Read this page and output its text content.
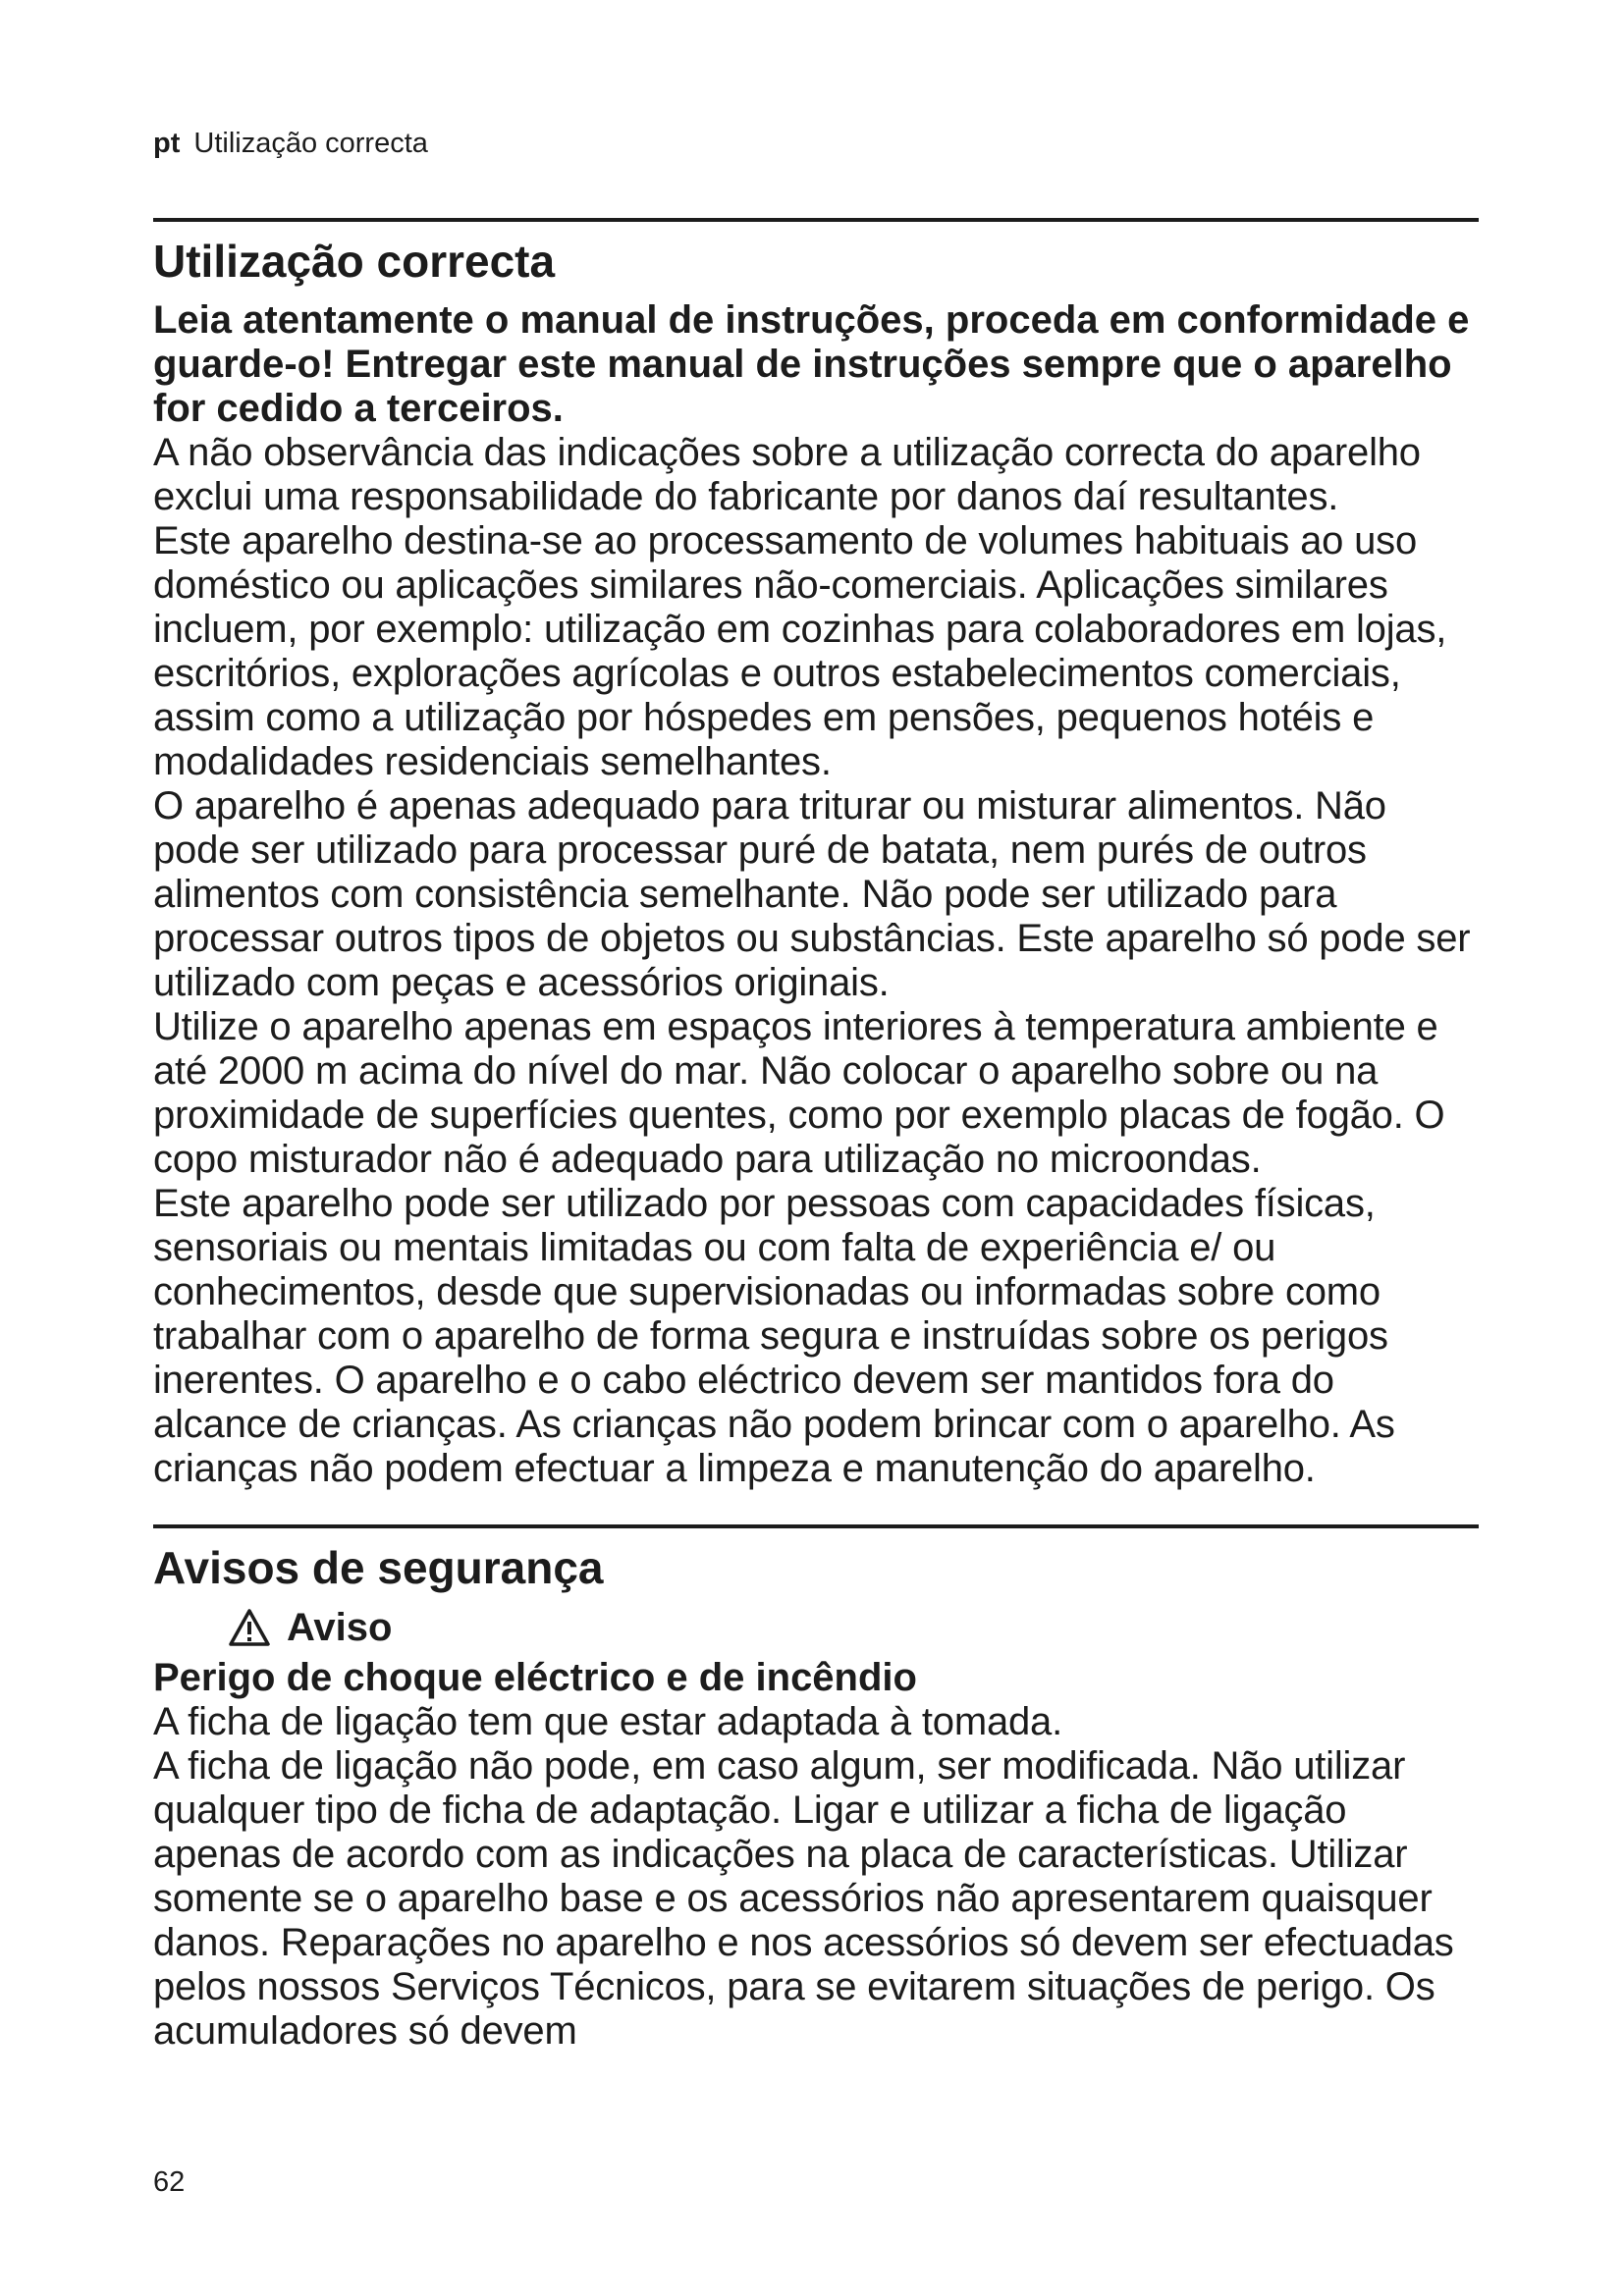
pt Utilização correcta
Utilização correcta

Leia atentamente o manual de instruções, proceda em conformidade e guarde-o! Entregar este manual de instruções sempre que o aparelho for cedido a terceiros.

A não observância das indicações sobre a utilização correcta do aparelho exclui uma responsabilidade do fabricante por danos daí resultantes.

Este aparelho destina-se ao processamento de volumes habituais ao uso doméstico ou aplicações similares não-comerciais. Aplicações similares incluem, por exemplo: utilização em cozinhas para colaboradores em lojas, escritórios, explorações agrícolas e outros estabelecimentos comerciais, assim como a utilização por hóspedes em pensões, pequenos hotéis e modalidades residenciais semelhantes.

O aparelho é apenas adequado para triturar ou misturar alimentos. Não pode ser utilizado para processar puré de batata, nem purés de outros alimentos com consistência semelhante. Não pode ser utilizado para processar outros tipos de objetos ou substâncias. Este aparelho só pode ser utilizado com peças e acessórios originais.

Utilize o aparelho apenas em espaços interiores à temperatura ambiente e até 2000 m acima do nível do mar. Não colocar o aparelho sobre ou na proximidade de superfícies quentes, como por exemplo placas de fogão. O copo misturador não é adequado para utilização no microondas.

Este aparelho pode ser utilizado por pessoas com capacidades físicas, sensoriais ou mentais limitadas ou com falta de experiência e/ ou conhecimentos, desde que supervisionadas ou informadas sobre como trabalhar com o aparelho de forma segura e instruídas sobre os perigos inerentes. O aparelho e o cabo eléctrico devem ser mantidos fora do alcance de crianças. As crianças não podem brincar com o aparelho. As crianças não podem efectuar a limpeza e manutenção do aparelho.

Avisos de segurança
Aviso

Perigo de choque eléctrico e de incêndio

A ficha de ligação tem que estar adaptada à tomada.

A ficha de ligação não pode, em caso algum, ser modificada. Não utilizar qualquer tipo de ficha de adaptação. Ligar e utilizar a ficha de ligação apenas de acordo com as indicações na placa de características. Utilizar somente se o aparelho base e os acessórios não apresentarem quaisquer danos. Reparações no aparelho e nos acessórios só devem ser efectuadas pelos nossos Serviços Técnicos, para se evitarem situações de perigo. Os acumuladores só devem

62
